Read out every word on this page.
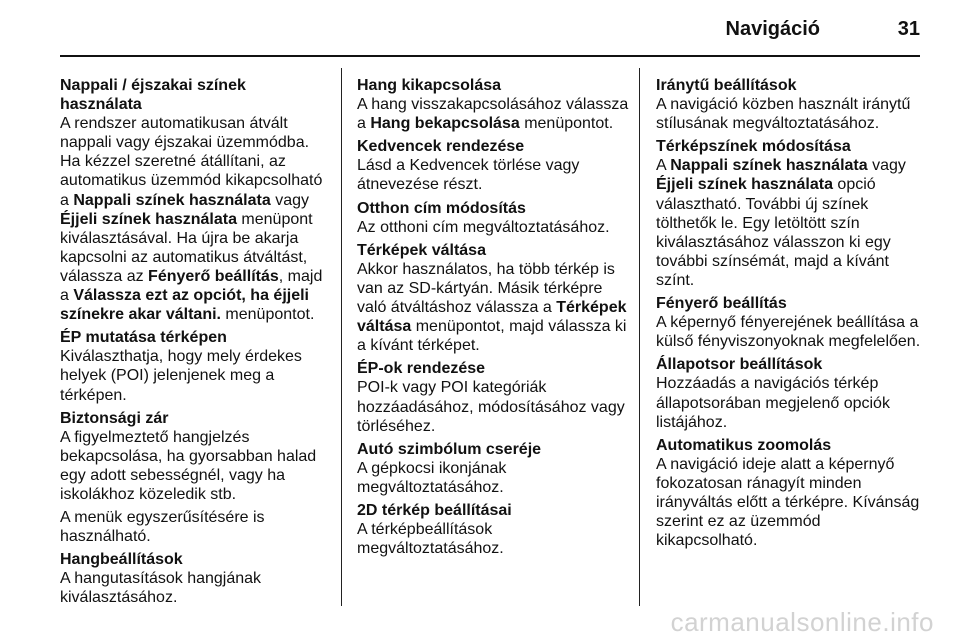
Navigáció	31
Nappali / éjszakai színek használata
A rendszer automatikusan átvált nappali vagy éjszakai üzemmódba. Ha kézzel szeretné átállítani, az automatikus üzemmód kikapcsolható a Nappali színek használata vagy Éjjeli színek használata menüpont kiválasztásával. Ha újra be akarja kapcsolni az automatikus átváltást, válassza az Fényerő beállítás, majd a Válassza ezt az opciót, ha éjjeli színekre akar váltani. menüpontot.
ÉP mutatása térképen
Kiválaszthatja, hogy mely érdekes helyek (POI) jelenjenek meg a térképen.
Biztonsági zár
A figyelmeztető hangjelzés bekapcsolása, ha gyorsabban halad egy adott sebességnél, vagy ha iskolákhoz közeledik stb.
A menük egyszerűsítésére is használható.
Hangbeállítások
A hangutasítások hangjának kiválasztásához.
Hang kikapcsolása
A hang visszakapcsolásához válassza a Hang bekapcsolása menüpontot.
Kedvencek rendezése
Lásd a Kedvencek törlése vagy átnevezése részt.
Otthon cím módosítás
Az otthoni cím megváltoztatásához.
Térképek váltása
Akkor használatos, ha több térkép is van az SD-kártyán. Másik térképre való átváltáshoz válassza a Térképek váltása menüpontot, majd válassza ki a kívánt térképet.
ÉP-ok rendezése
POI-k vagy POI kategóriák hozzáadásához, módosításához vagy törléséhez.
Autó szimbólum cseréje
A gépkocsi ikonjának megváltoztatásához.
2D térkép beállításai
A térképbeállítások megváltoztatásához.
Iránytű beállítások
A navigáció közben használt iránytű stílusának megváltoztatásához.
Térképszínek módosítása
A Nappali színek használata vagy Éjjeli színek használata opció választható. További új színek tölthetők le. Egy letöltött szín kiválasztásához válasszon ki egy további színsémát, majd a kívánt színt.
Fényerő beállítás
A képernyő fényerejének beállítása a külső fényviszonyoknak megfelelően.
Állapotsor beállítások
Hozzáadás a navigációs térkép állapotsorában megjelenő opciók listájához.
Automatikus zoomolás
A navigáció ideje alatt a képernyő fokozatosan ránagyít minden irányváltás előtt a térképre. Kívánság szerint ez az üzemmód kikapcsolható.
carmanualsonline.info
